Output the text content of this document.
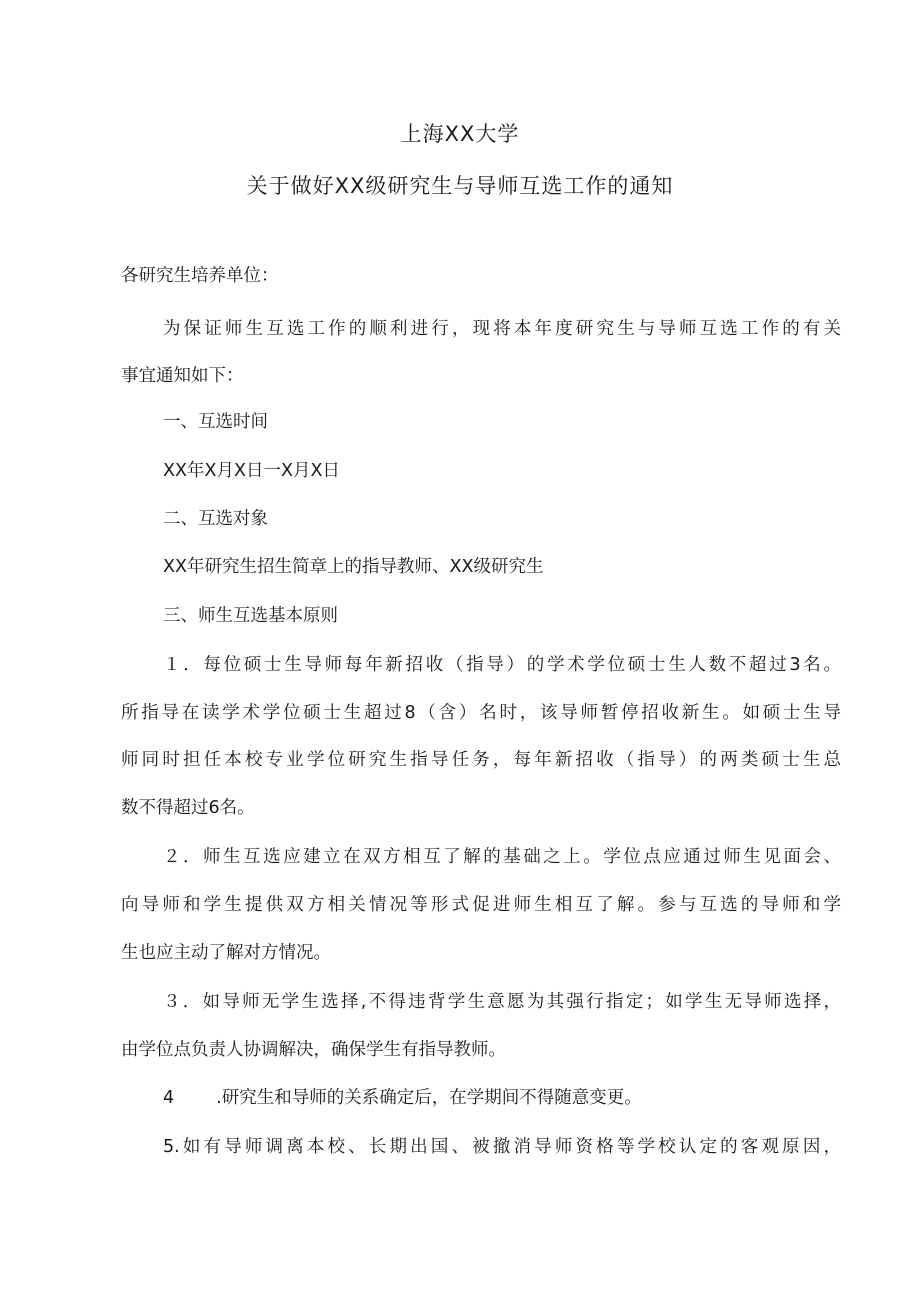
上海XX大学
关于做好XX级研究生与导师互选工作的通知
各研究生培养单位：
为保证师生互选工作的顺利进行，现将本年度研究生与导师互选工作的有关
事宜通知如下：
一、互选时间
XX年X月X日一X月X日
二、互选对象
XX年研究生招生简章上的指导教师、XX级研究生
三、师生互选基本原则
１．每位硕士生导师每年新招收（指导）的学术学位硕士生人数不超过3名。
所指导在读学术学位硕士生超过8（含）名时，该导师暂停招收新生。如硕士生导
师同时担任本校专业学位研究生指导任务，每年新招收（指导）的两类硕士生总
数不得超过6名。
２．师生互选应建立在双方相互了解的基础之上。学位点应通过师生见面会、
向导师和学生提供双方相关情况等形式促进师生相互了解。参与互选的导师和学
生也应主动了解对方情况。
３．如导师无学生选择,不得违背学生意愿为其强行指定；如学生无导师选择，
由学位点负责人协调解决，确保学生有指导教师。
4 .研究生和导师的关系确定后，在学期间不得随意变更。
5.如有导师调离本校、长期出国、被撤消导师资格等学校认定的客观原因，
